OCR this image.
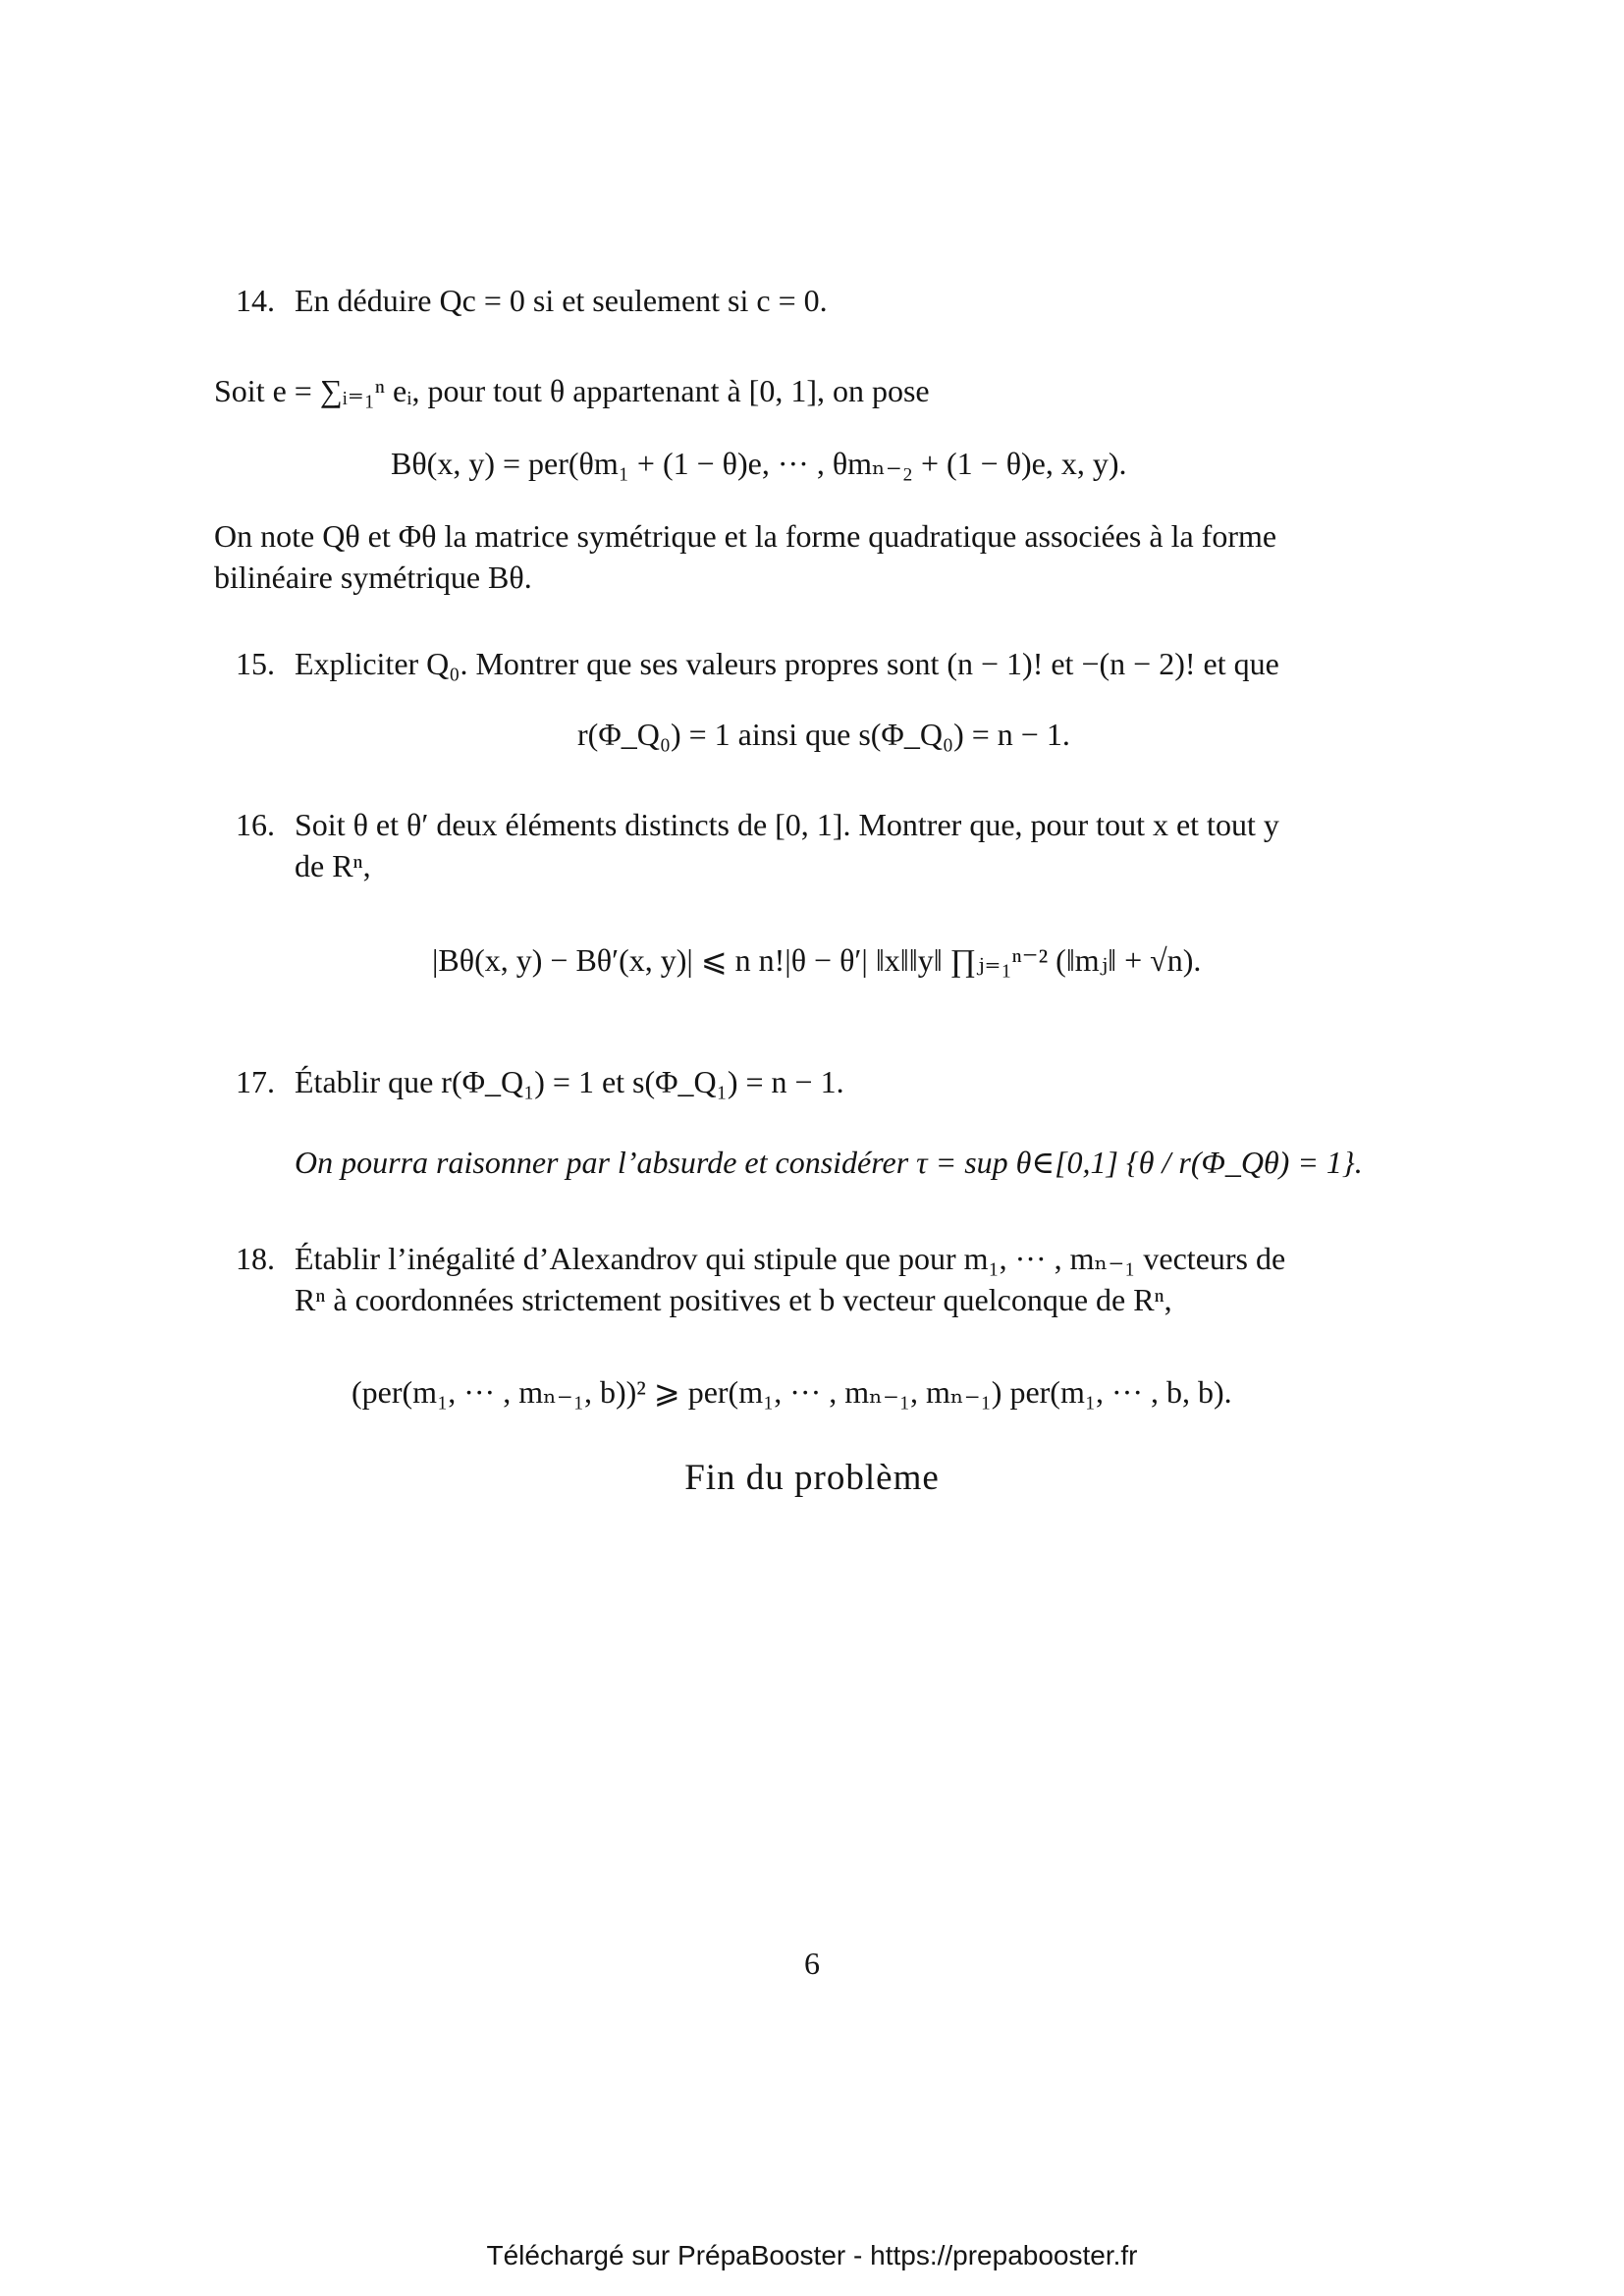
14. En déduire Qc = 0 si et seulement si c = 0.
Soit e = ∑ᵢ₌₁ⁿ eᵢ, pour tout θ appartenant à [0, 1], on pose
Bθ(x, y) = per(θm₁ + (1 − θ)e, ··· , θmₙ₋₂ + (1 − θ)e, x, y).
On note Qθ et Φθ la matrice symétrique et la forme quadratique associées à la forme
bilinéaire symétrique Bθ.
15. Expliciter Q₀. Montrer que ses valeurs propres sont (n − 1)! et −(n − 2)! et que
r(Φ_Q₀) = 1 ainsi que s(Φ_Q₀) = n − 1.
16. Soit θ et θ′ deux éléments distincts de [0, 1]. Montrer que, pour tout x et tout y
de Rⁿ,
|Bθ(x, y) − Bθ′(x, y)| ⩽ n n!|θ − θ′| ‖x‖‖y‖ ∏ⱼ₌₁ⁿ⁻² (‖mⱼ‖ + √n).
17. Établir que r(Φ_Q₁) = 1 et s(Φ_Q₁) = n − 1.
On pourra raisonner par l’absurde et considérer τ = sup θ∈[0,1] {θ / r(Φ_Qθ) = 1}.
18. Établir l’inégalité d’Alexandrov qui stipule que pour m₁, ··· , mₙ₋₁ vecteurs de
Rⁿ à coordonnées strictement positives et b vecteur quelconque de Rⁿ,
(per(m₁, ··· , mₙ₋₁, b))² ⩾ per(m₁, ··· , mₙ₋₁, mₙ₋₁) per(m₁, ··· , b, b).
Fin du problème
6
Téléchargé sur PrépaBooster - https://prepabooster.fr
